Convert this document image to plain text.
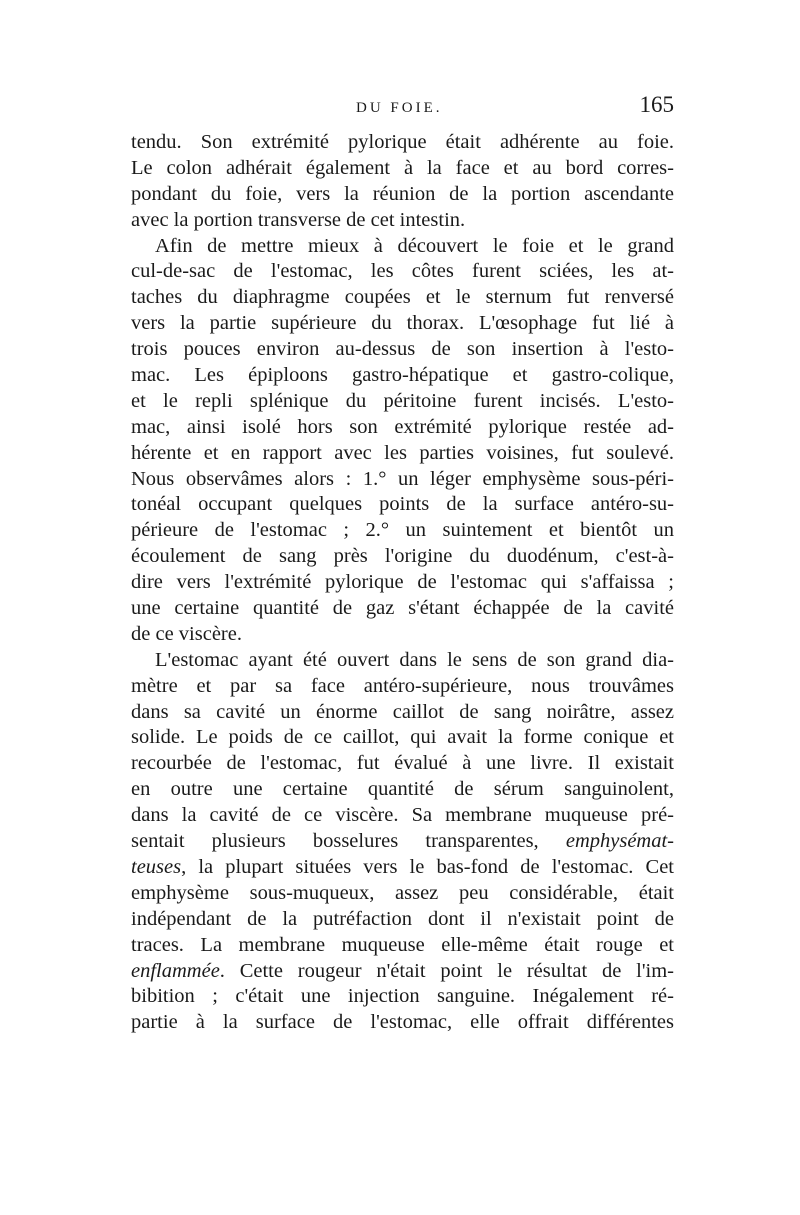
DU FOIE.	165
tendu. Son extrémité pylorique était adhérente au foie.
Le colon adhérait également à la face et au bord corres-
pondant du foie, vers la réunion de la portion ascendante
avec la portion transverse de cet intestin.
Afin de mettre mieux à découvert le foie et le grand
cul-de-sac de l'estomac, les côtes furent sciées, les at-
taches du diaphragme coupées et le sternum fut renversé
vers la partie supérieure du thorax. L'œsophage fut lié à
trois pouces environ au-dessus de son insertion à l'esto-
mac. Les épiploons gastro-hépatique et gastro-colique,
et le repli splénique du péritoine furent incisés. L'esto-
mac, ainsi isolé hors son extrémité pylorique restée ad-
hérente et en rapport avec les parties voisines, fut soulevé.
Nous observâmes alors : 1.° un léger emphysème sous-péri-
tonéal occupant quelques points de la surface antéro-su-
périeure de l'estomac ; 2.° un suintement et bientôt un
écoulement de sang près l'origine du duodénum, c'est-à-
dire vers l'extrémité pylorique de l'estomac qui s'affaissa ;
une certaine quantité de gaz s'étant échappée de la cavité
de ce viscère.
L'estomac ayant été ouvert dans le sens de son grand dia-
mètre et par sa face antéro-supérieure, nous trouvâmes
dans sa cavité un énorme caillot de sang noirâtre, assez
solide. Le poids de ce caillot, qui avait la forme conique et
recourbée de l'estomac, fut évalué à une livre. Il existait
en outre une certaine quantité de sérum sanguinolent,
dans la cavité de ce viscère. Sa membrane muqueuse pré-
sentait plusieurs bosselures transparentes, emphysémat-
teuses, la plupart situées vers le bas-fond de l'estomac. Cet
emphysème sous-muqueux, assez peu considérable, était
indépendant de la putréfaction dont il n'existait point de
traces. La membrane muqueuse elle-même était rouge et
enflammée. Cette rougeur n'était point le résultat de l'im-
bibition ; c'était une injection sanguine. Inégalement ré-
partie à la surface de l'estomac, elle offrait différentes
